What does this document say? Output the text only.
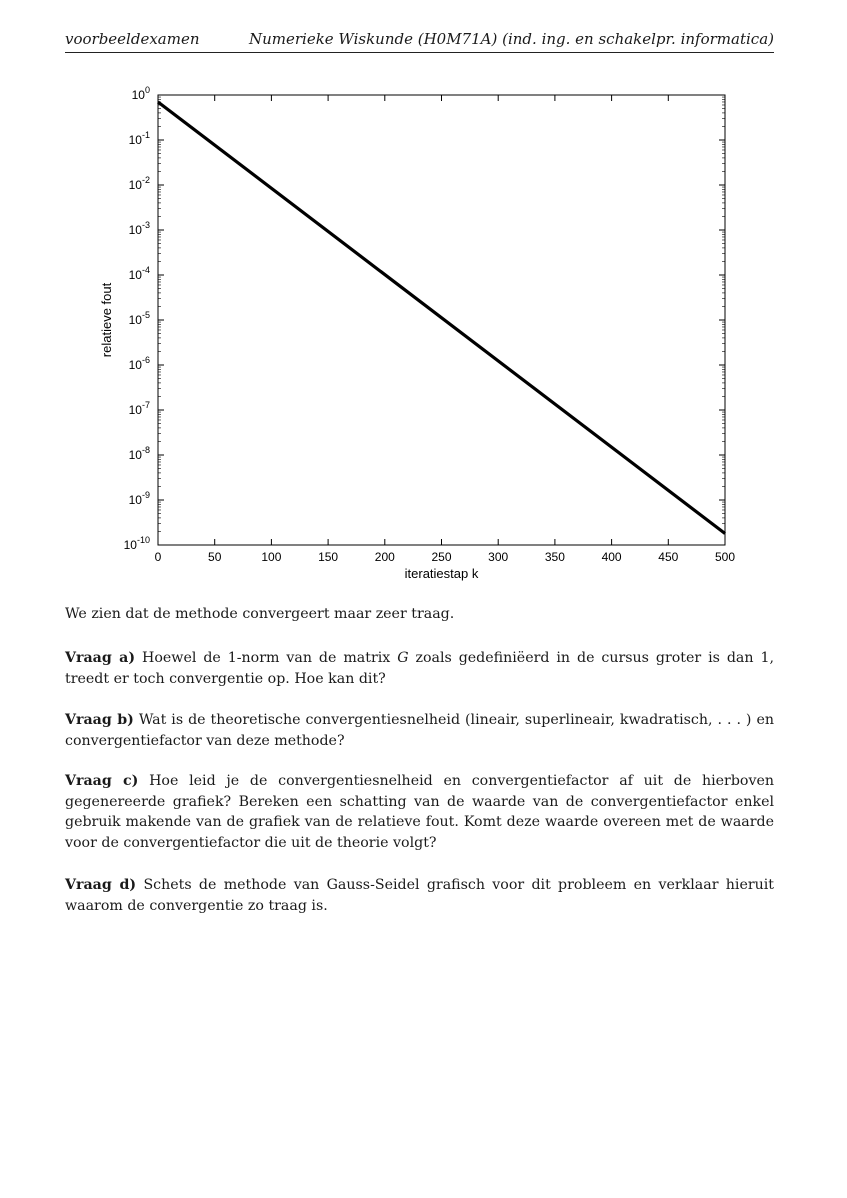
voorbeeldexamen	Numerieke Wiskunde (H0M71A) (ind. ing. en schakelpr. informatica)
0	50	100	150	200	250	300	350	400	450	500
$10^0$
$10^{-1}$
$10^{-2}$
$10^{-3}$
$10^{-4}$
$10^{-5}$
$10^{-6}$
$10^{-7}$
$10^{-8}$
$10^{-9}$
$10^{-10}$
iteratiestap k
relatieve fout

We zien dat de methode convergeert maar zeer traag.

Vraag a) Hoewel de 1-norm van de matrix G zoals gedefiniëerd in de cursus groter is dan 1, treedt er toch convergentie op. Hoe kan dit?

Vraag b) Wat is de theoretische convergentiesnelheid (lineair, superlineair, kwadratisch, . . . ) en convergentiefactor van deze methode?

Vraag c) Hoe leid je de convergentiesnelheid en convergentiefactor af uit de hierboven gegenereerde grafiek? Bereken een schatting van de waarde van de convergentiefactor enkel gebruik makende van de grafiek van de relatieve fout. Komt deze waarde overeen met de waarde voor de convergentiefactor die uit de theorie volgt?

Vraag d) Schets de methode van Gauss-Seidel grafisch voor dit probleem en verklaar hieruit waarom de convergentie zo traag is.
